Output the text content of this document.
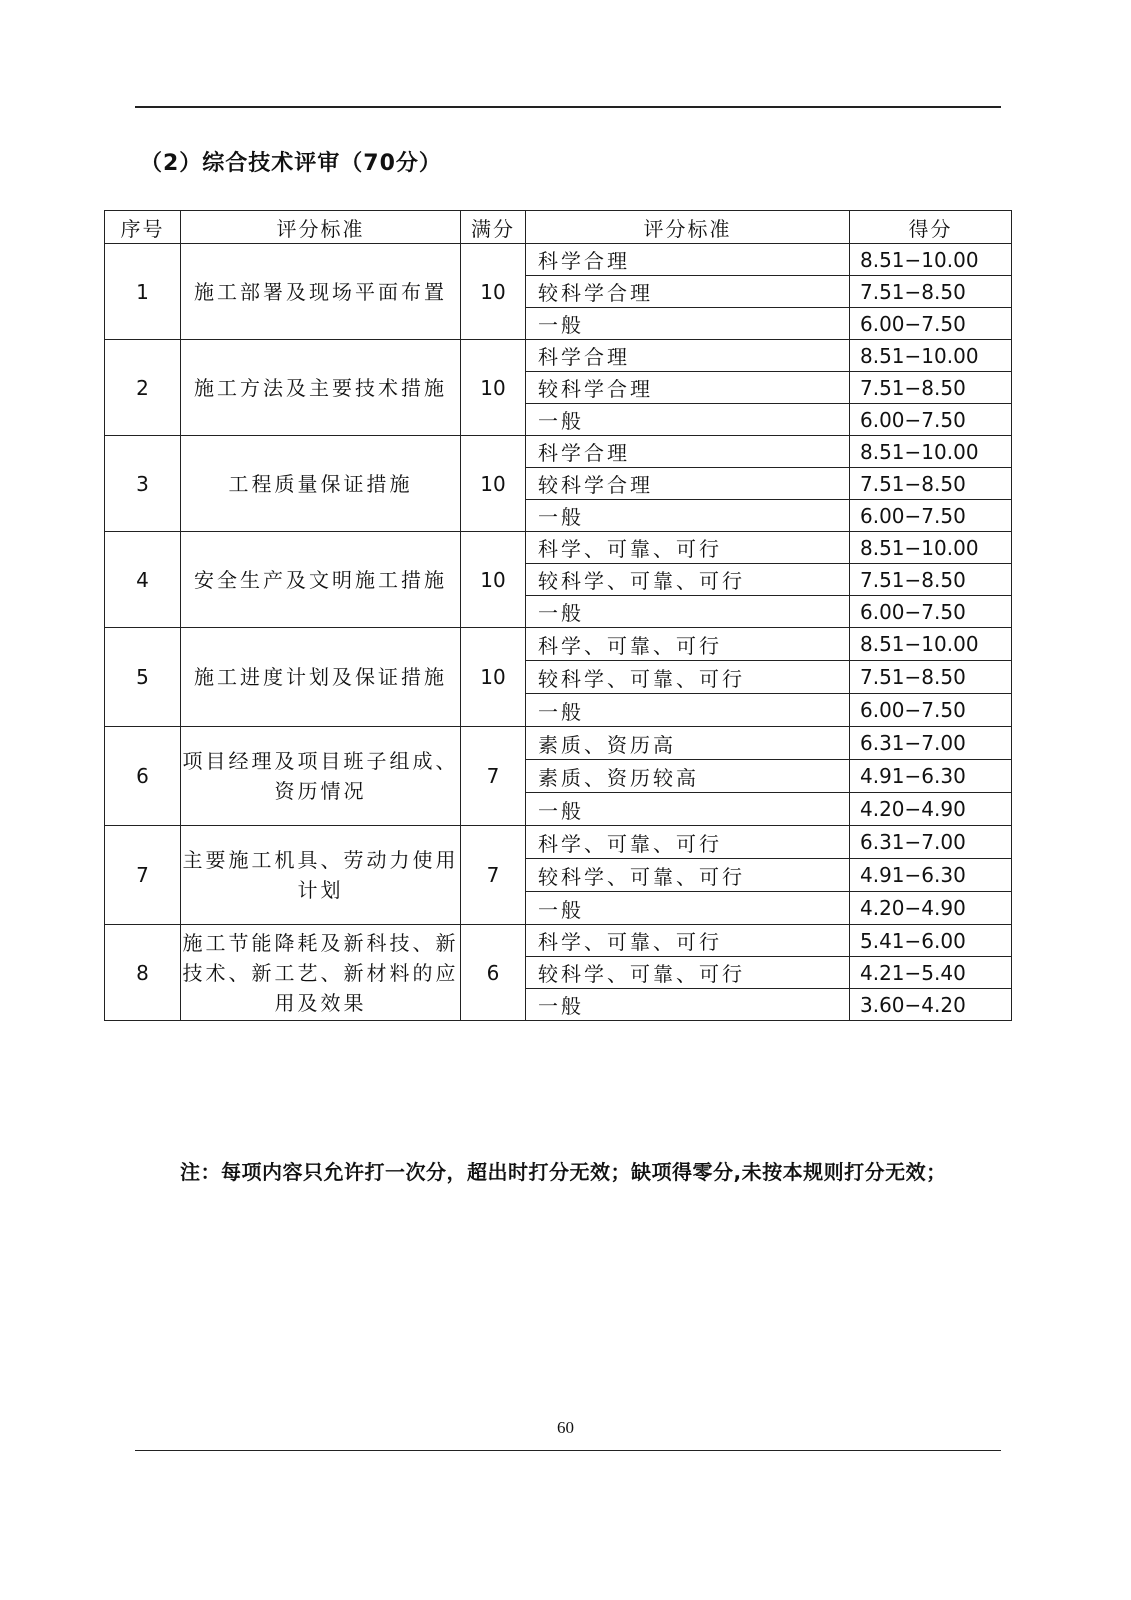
（2）综合技术评审（70分）
序号	评分标准	满分	评分标准	得分
1	施工部署及现场平面布置	10	科学合理	8.51−10.00
			较科学合理	7.51−8.50
			一般	6.00−7.50
2	施工方法及主要技术措施	10	科学合理	8.51−10.00
			较科学合理	7.51−8.50
			一般	6.00−7.50
3	工程质量保证措施	10	科学合理	8.51−10.00
			较科学合理	7.51−8.50
			一般	6.00−7.50
4	安全生产及文明施工措施	10	科学、可靠、可行	8.51−10.00
			较科学、可靠、可行	7.51−8.50
			一般	6.00−7.50
5	施工进度计划及保证措施	10	科学、可靠、可行	8.51−10.00
			较科学、可靠、可行	7.51−8.50
			一般	6.00−7.50
6	项目经理及项目班子组成、资历情况	7	素质、资历高	6.31−7.00
			素质、资历较高	4.91−6.30
			一般	4.20−4.90
7	主要施工机具、劳动力使用计划	7	科学、可靠、可行	6.31−7.00
			较科学、可靠、可行	4.91−6.30
			一般	4.20−4.90
8	施工节能降耗及新科技、新技术、新工艺、新材料的应用及效果	6	科学、可靠、可行	5.41−6.00
			较科学、可靠、可行	4.21−5.40
			一般	3.60−4.20
注：每项内容只允许打一次分，超出时打分无效；缺项得零分,未按本规则打分无效；
60
